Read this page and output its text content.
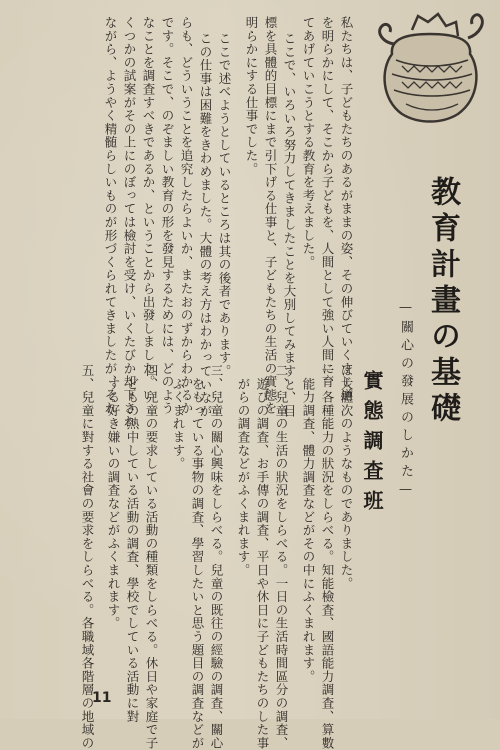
教育計畫の基礎
—關心の發展のしかた—
實態調査班
私たちは、子どもたちのあるがままの姿、その伸びていくすじ道
を明らかにして、そこから子どもを、人間として強い人間に育
てあげていこうとする教育を考えました。
ここで、いろいろ努力してきましたことを大別してみますと、目
標を具體的目標にまで引下げる仕事と、子どもたちの生活の實態を
明らかにする仕事でした。
ここで述べようとしているところは其の後者であります。
この仕事は困難をきわめました。大體の考え方はわかっていなが
らも、どういうことを追究したらよいか、またおのずからわかるか
です。そこで、のぞましい教育の形を發見するためには、どのよう
なことを調査すべきであるか、ということから出發しました。い
くつかの試案がその上にのぼっては檢討を受け、いくたびか却下され
ながら、ようやく精髄らしいものが形づくられてきましたが、それ
は大體次のようなものでありました。
一、各種能力の狀況をしらべる。知能檢査、國語能力調査、算數
　能力調査、體力調査などがその中にふくまれます。
二、兒童の生活の狀況をしらべる。一日の生活時間區分の調査、
　遊びの調査、お手傳の調査、平日や休日に子どもたちのした事
　がらの調査などがふくまれます。
三、兒童の關心興味をしらべる。兒童の既往の經驗の調査、關心
　をもっている事物の調査、學習したいと思う題目の調査などが
　ふくまれます。
四、兒童の要求している活動の種類をしらべる。休日や家庭で子
　どもの熱中している活動の調査、學校でしている活動に對
　する好き嫌いの調査などがふくまれます。
五、兒童に對する社會の要求をしらべる。各職域各階層の地域の
11
